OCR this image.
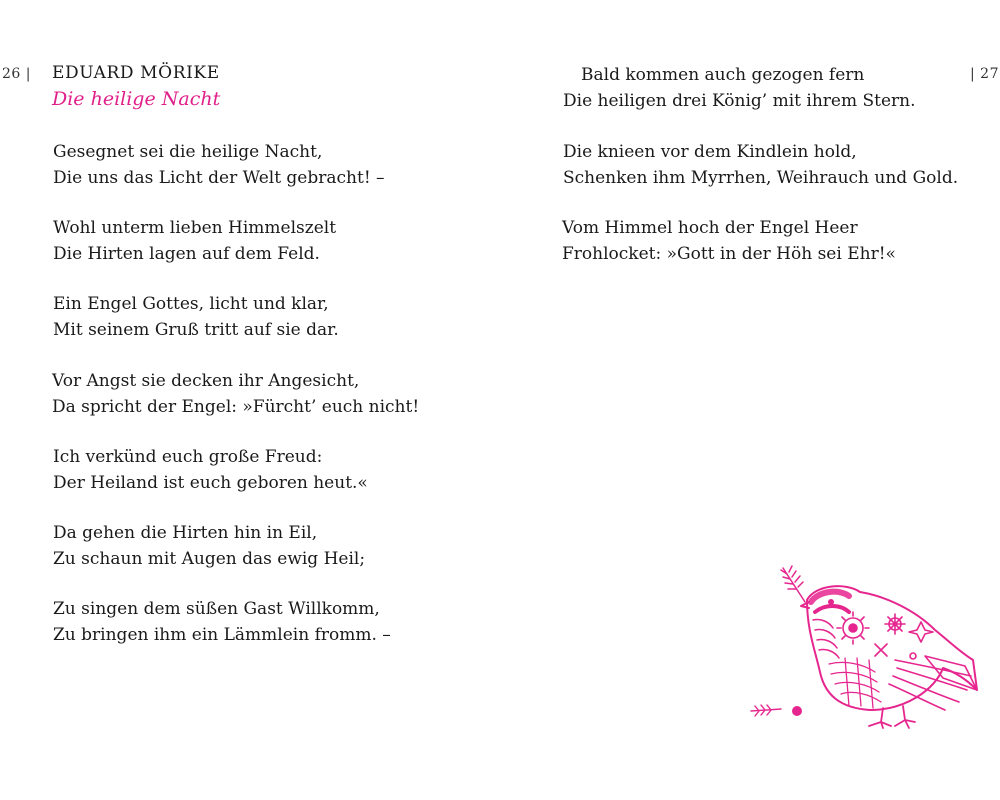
26 | EDUARD MÖRIKE
Die heilige Nacht
Gesegnet sei die heilige Nacht,
Die uns das Licht der Welt gebracht! –
Wohl unterm lieben Himmelszelt
Die Hirten lagen auf dem Feld.
Ein Engel Gottes, licht und klar,
Mit seinem Gruß tritt auf sie dar.
Vor Angst sie decken ihr Angesicht,
Da spricht der Engel: »Fürcht’ euch nicht!
Ich verkünd euch große Freud:
Der Heiland ist euch geboren heut.«
Da gehen die Hirten hin in Eil,
Zu schaun mit Augen das ewig Heil;
Zu singen dem süßen Gast Willkomm,
Zu bringen ihm ein Lämmlein fromm. –
| 27
Bald kommen auch gezogen fern
Die heiligen drei König’ mit ihrem Stern.
Die knieen vor dem Kindlein hold,
Schenken ihm Myrrhen, Weihrauch und Gold.
Vom Himmel hoch der Engel Heer
Frohlocket: »Gott in der Höh sei Ehr!«
